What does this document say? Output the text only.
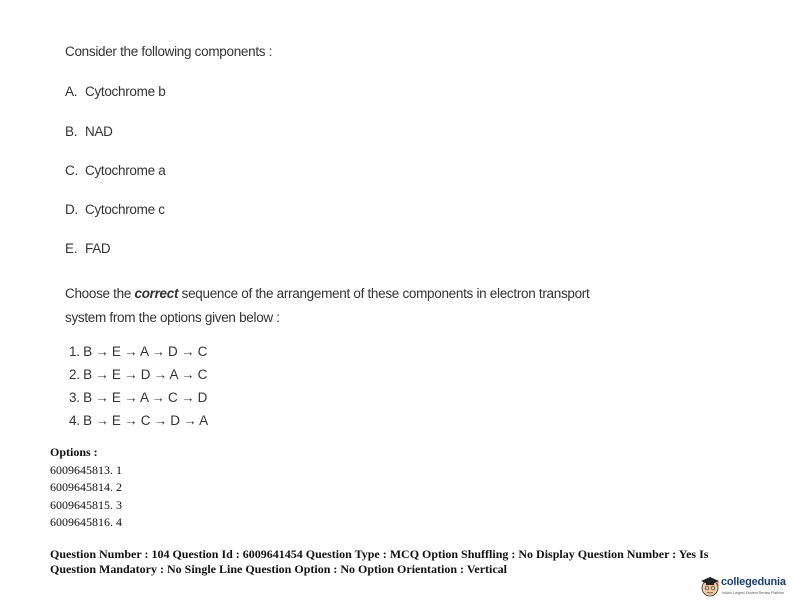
Consider the following components :
A. Cytochrome b
B. NAD
C. Cytochrome a
D. Cytochrome c
E. FAD
Choose the correct sequence of the arrangement of these components in electron transport system from the options given below :
1. B → E → A → D → C
2. B → E → D → A → C
3. B → E → A → C → D
4. B → E → C → D → A
Options :
6009645813. 1
6009645814. 2
6009645815. 3
6009645816. 4
Question Number : 104 Question Id : 6009641454 Question Type : MCQ Option Shuffling : No Display Question Number : Yes Is
Question Mandatory : No Single Line Question Option : No Option Orientation : Vertical
collegedunia
India's Largest Student Review Platform
